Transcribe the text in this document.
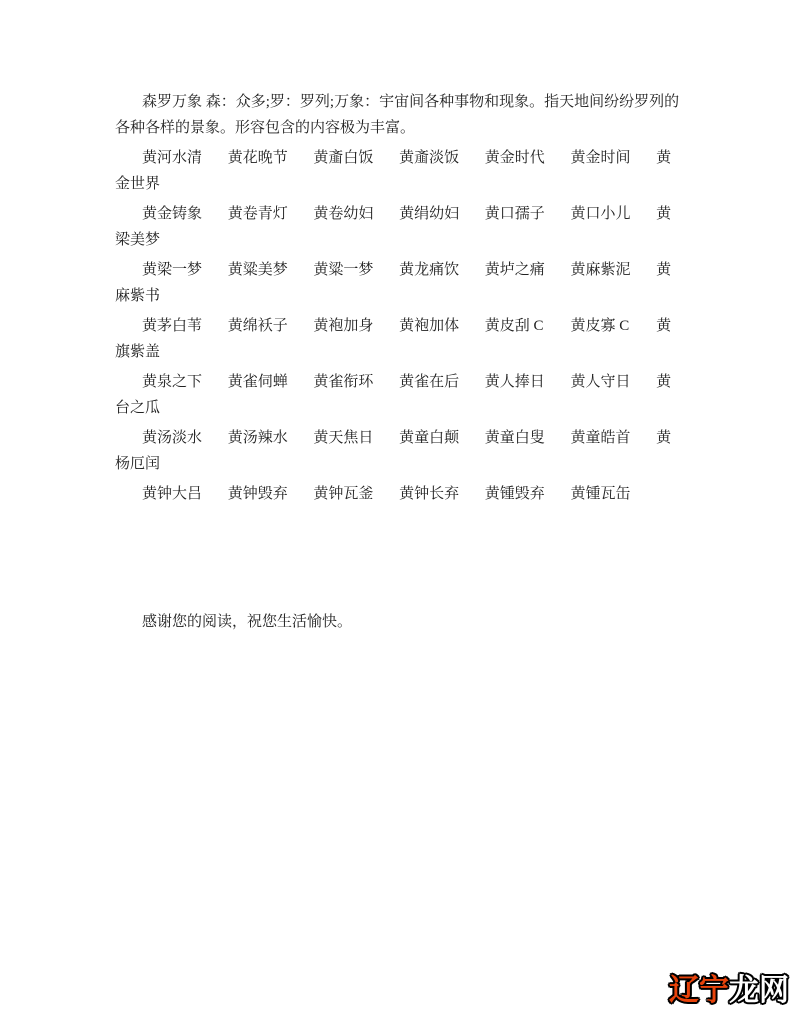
森罗万象 森：众多;罗：罗列;万象：宇宙间各种事物和现象。指天地间纷纷罗列的
各种各样的景象。形容包含的内容极为丰富。
黄河水清 黄花晚节 黄齑白饭 黄齑淡饭 黄金时代 黄金时间 黄
金世界
黄金铸象 黄卷青灯 黄卷幼妇 黄绢幼妇 黄口孺子 黄口小儿 黄
梁美梦
黄梁一梦 黄粱美梦 黄粱一梦 黄龙痛饮 黄垆之痛 黄麻紫泥 黄
麻紫书
黄茅白苇 黄绵袄子 黄袍加身 黄袍加体 黄皮刮 C 黄皮寡 C 黄
旗紫盖
黄泉之下 黄雀伺蝉 黄雀衔环 黄雀在后 黄人捧日 黄人守日 黄
台之瓜
黄汤淡水 黄汤辣水 黄天焦日 黄童白颠 黄童白叟 黄童皓首 黄
杨厄闰
黄钟大吕 黄钟毁弃 黄钟瓦釜 黄钟长弃 黄锺毁弃 黄锺瓦缶
感谢您的阅读，祝您生活愉快。
辽宁龙网
